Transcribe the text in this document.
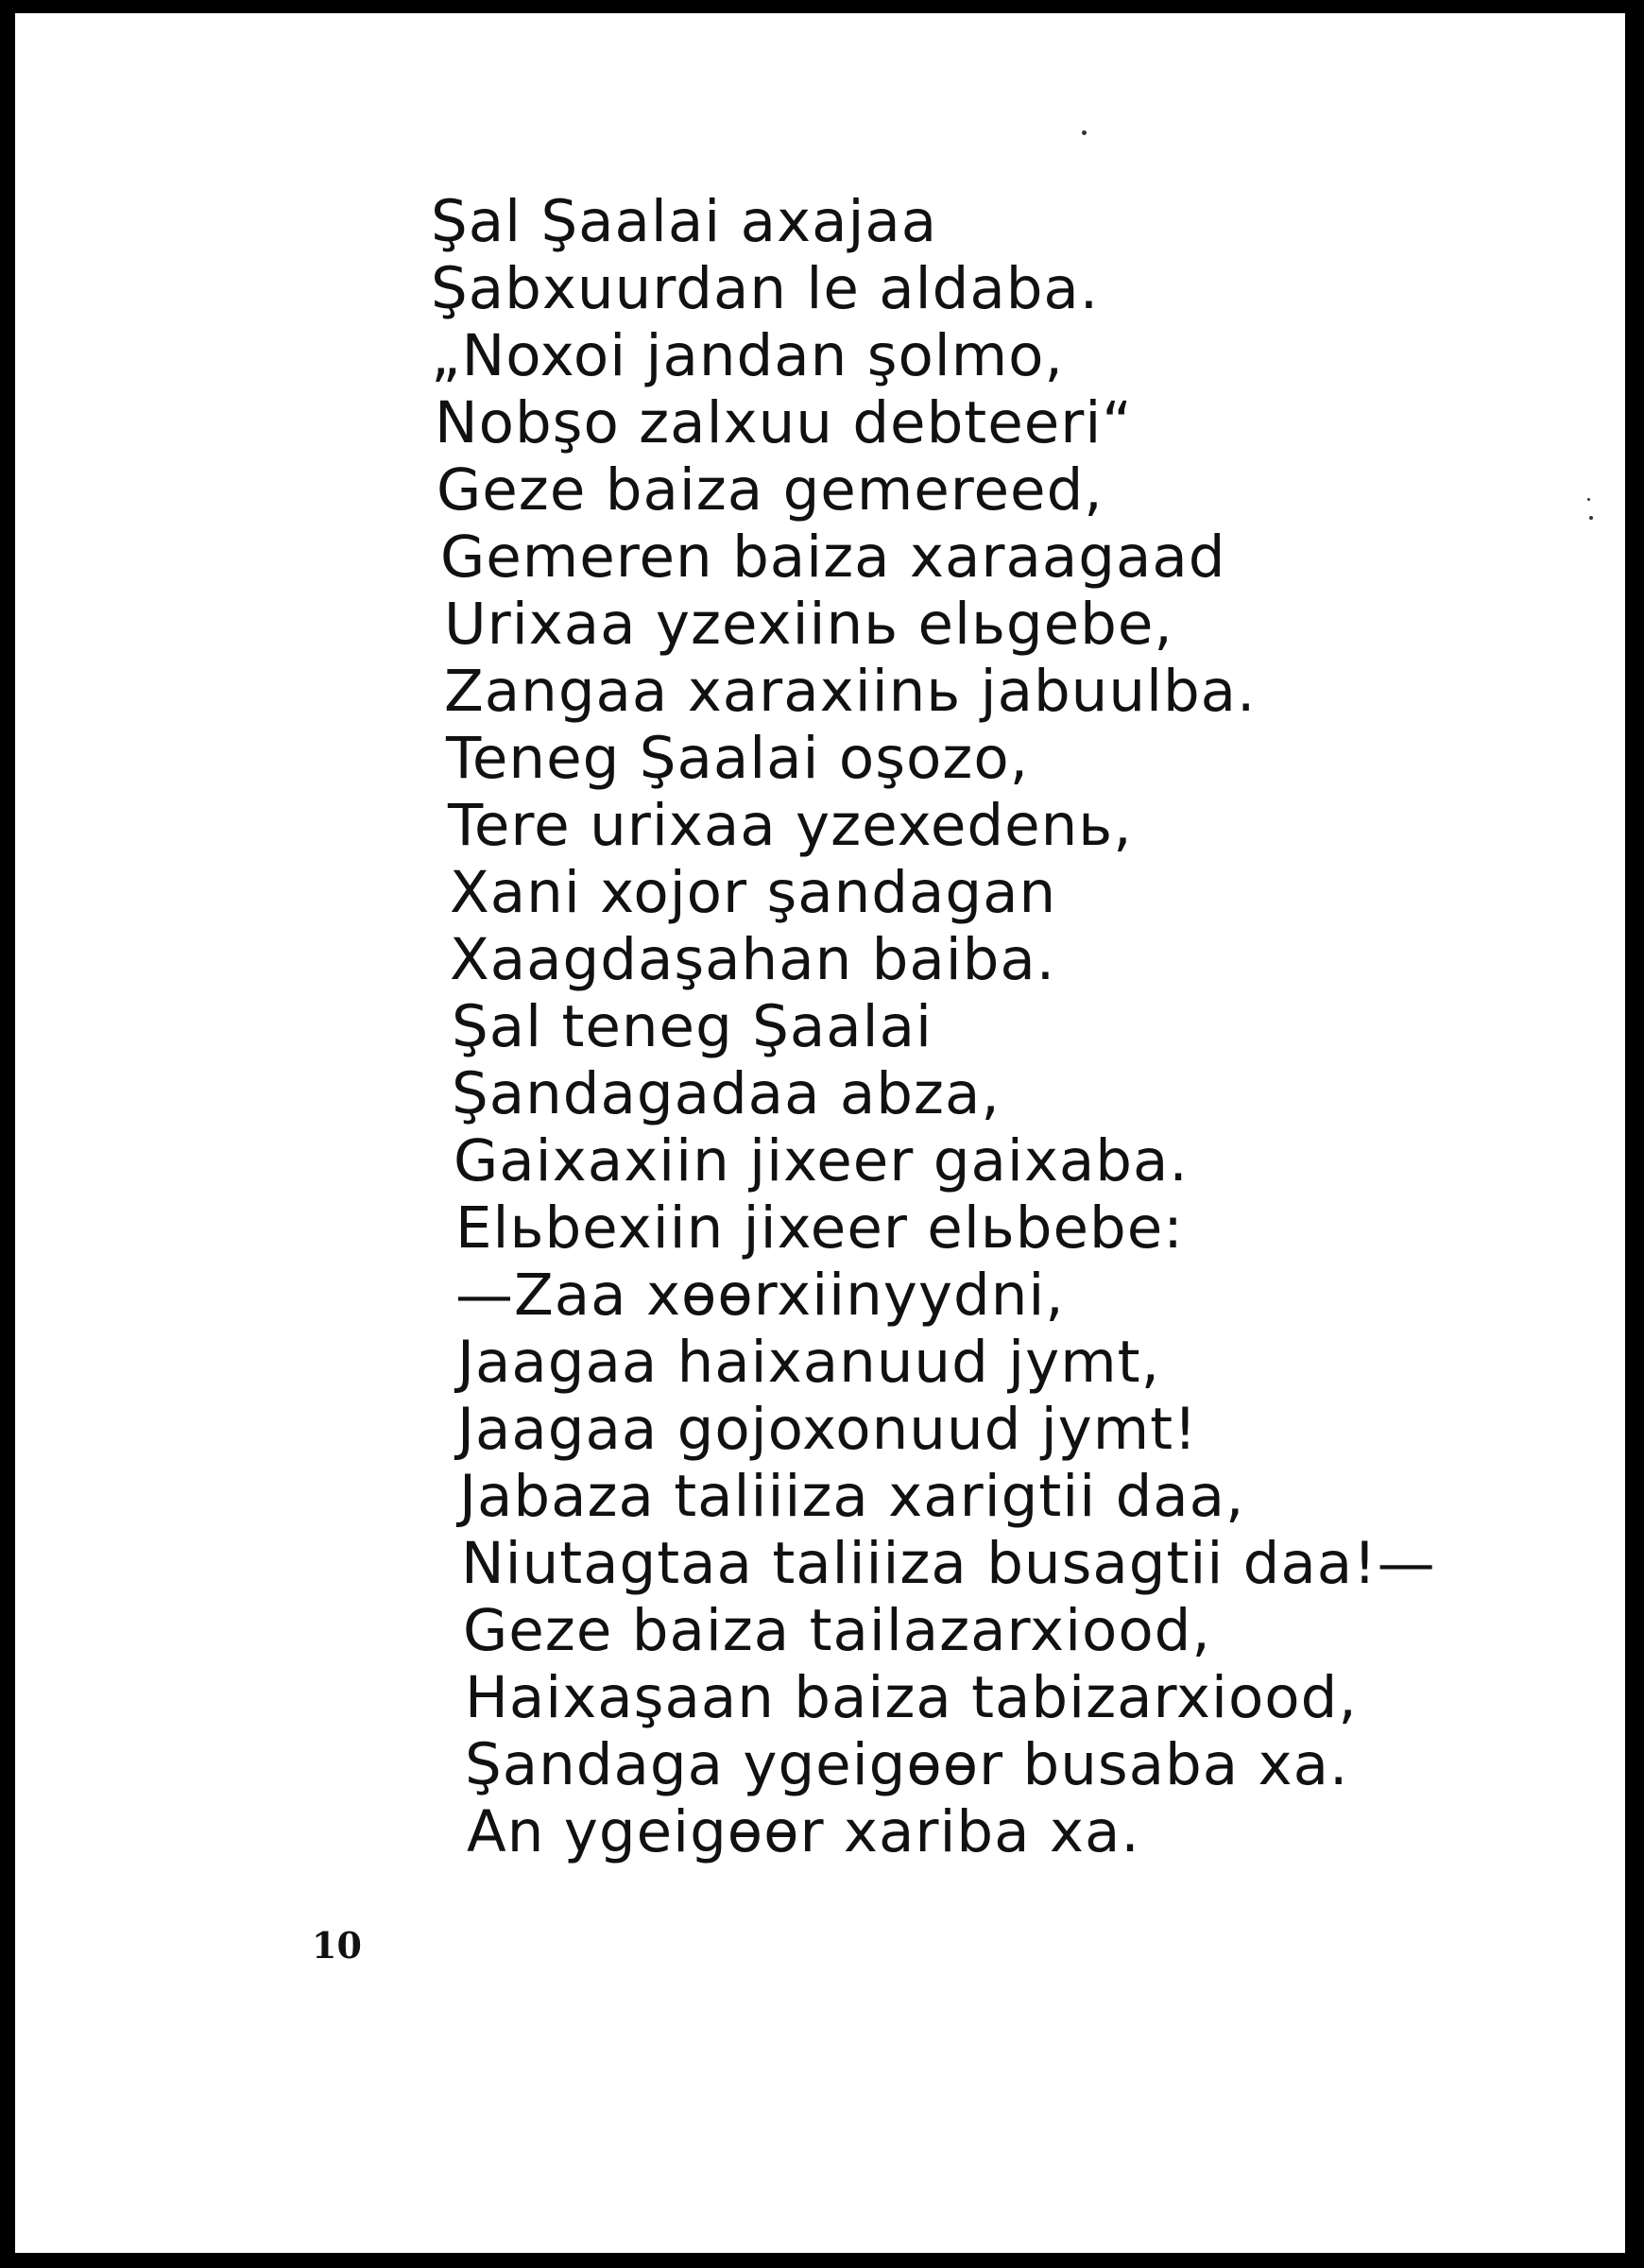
Şal Şaalai axajaa
Şabxuurdan le aldaba.
„Noxoi jandan şolmo,
Nobşo zalxuu debteeri“
Geze baiza gemereed,
Gemeren baiza xaraagaad
Urixaa yzexiinь elьgebe,
Zangaa xaraxiinь jabuulba.
Teneg Şaalai oşozo,
Tere urixaa yzexedenь,
Xani xojor şandagan
Xaagdaşahan baiba.
Şal teneg Şaalai
Şandagadaa abza,
Gaixaxiin jixeer gaixaba.
Elьbexiin jixeer elьbebe:
—Zaa xөөrxiinyydni,
Jaagaa haixanuud jymt,
Jaagaa gojoxonuud jymt!
Jabaza taliiiza xarigtii daa,
Niutagtaa taliiiza busagtii daa!—
Geze baiza tailazarxiood,
Haixaşaan baiza tabizarxiood,
Şandaga ygeigөөr busaba xa.
An ygeigөөr xariba xa.
10
